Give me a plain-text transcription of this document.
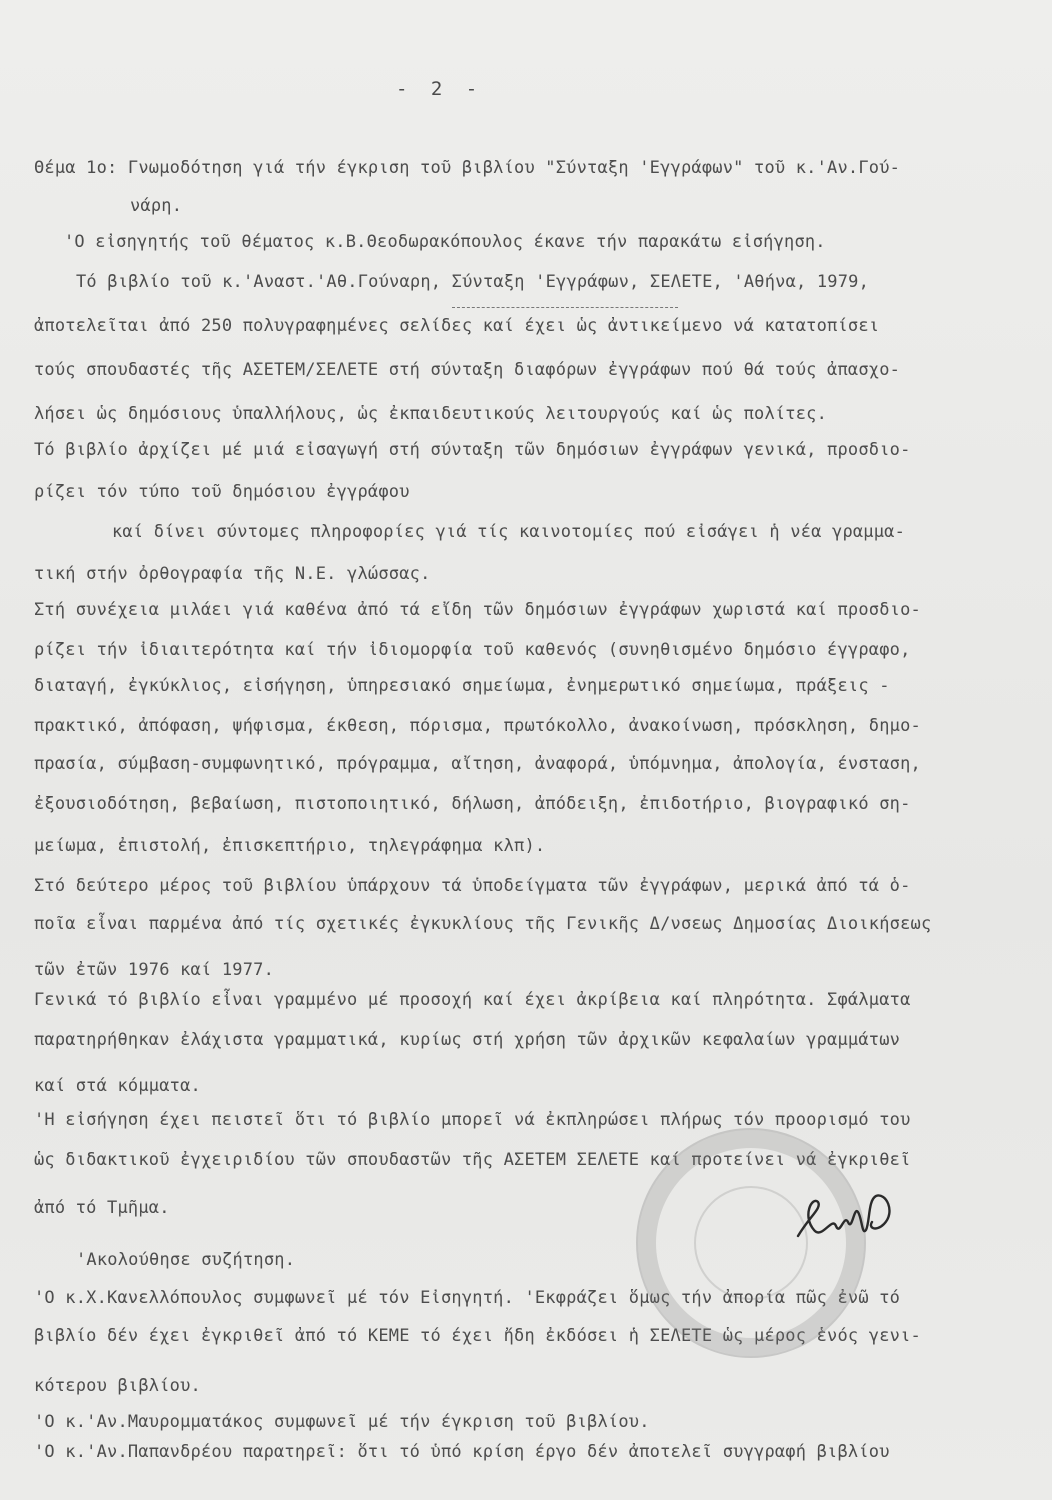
- 2 -
Θέμα 1ο: Γνωμοδότηση γιά τήν έγκριση τοῦ βιβλίου "Σύνταξη 'Εγγράφων" τοῦ κ.'Αν.Γού-
νάρη.
'Ο εἰσηγητής τοῦ θέματος κ.Β.Θεοδωρακόπουλος έκανε τήν παρακάτω εἰσήγηση.
Τό βιβλίο τοῦ κ.'Αναστ.'Αθ.Γούναρη, Σύνταξη 'Εγγράφων, ΣΕΛΕΤΕ, 'Αθήνα, 1979,
ἀποτελεῖται ἀπό 250 πολυγραφημένες σελίδες καί έχει ὡς ἀντικείμενο νά κατατοπίσει
τούς σπουδαστές τῆς ΑΣΕΤΕΜ/ΣΕΛΕΤΕ στή σύνταξη διαφόρων ἐγγράφων πού θά τούς ἀπασχο-
λήσει ὡς δημόσιους ὑπαλλήλους, ὡς ἐκπαιδευτικούς λειτουργούς καί ὡς πολίτες.
Τό βιβλίο ἀρχίζει μέ μιά εἰσαγωγή στή σύνταξη τῶν δημόσιων ἐγγράφων γενικά, προσδιο-
ρίζει τόν τύπο τοῦ δημόσιου ἐγγράφου
καί δίνει σύντομες πληροφορίες γιά τίς καινοτομίες πού εἰσάγει ἡ νέα γραμμα-
τική στήν ὀρθογραφία τῆς Ν.Ε. γλώσσας.
Στή συνέχεια μιλάει γιά καθένα ἀπό τά εἴδη τῶν δημόσιων ἐγγράφων χωριστά καί προσδιο-
ρίζει τήν ἰδιαιτερότητα καί τήν ἰδιομορφία τοῦ καθενός (συνηθισμένο δημόσιο έγγραφο,
διαταγή, ἐγκύκλιος, εἰσήγηση, ὑπηρεσιακό σημείωμα, ἐνημερωτικό σημείωμα, πράξεις -
πρακτικό, ἀπόφαση, ψήφισμα, έκθεση, πόρισμα, πρωτόκολλο, ἀνακοίνωση, πρόσκληση, δημο-
πρασία, σύμβαση-συμφωνητικό, πρόγραμμα, αἴτηση, ἀναφορά, ὑπόμνημα, ἀπολογία, ένσταση,
ἐξουσιοδότηση, βεβαίωση, πιστοποιητικό, δήλωση, ἀπόδειξη, ἐπιδοτήριο, βιογραφικό ση-
μείωμα, ἐπιστολή, ἐπισκεπτήριο, τηλεγράφημα κλπ).
Στό δεύτερο μέρος τοῦ βιβλίου ὑπάρχουν τά ὑποδείγματα τῶν ἐγγράφων, μερικά ἀπό τά ὁ-
ποῖα εἶναι παρμένα ἀπό τίς σχετικές ἐγκυκλίους τῆς Γενικῆς Δ/νσεως Δημοσίας Διοικήσεως
τῶν ἐτῶν 1976 καί 1977.
Γενικά τό βιβλίο εἶναι γραμμένο μέ προσοχή καί έχει ἀκρίβεια καί πληρότητα. Σφάλματα
παρατηρήθηκαν ἐλάχιστα γραμματικά, κυρίως στή χρήση τῶν ἀρχικῶν κεφαλαίων γραμμάτων
καί στά κόμματα.
'Η εἰσήγηση έχει πειστεῖ ὅτι τό βιβλίο μπορεῖ νά ἐκπληρώσει πλήρως τόν προορισμό του
ὡς διδακτικοῦ ἐγχειριδίου τῶν σπουδαστῶν τῆς ΑΣΕΤΕΜ ΣΕΛΕΤΕ καί προτείνει νά ἐγκριθεῖ
ἀπό τό Τμῆμα.
'Ακολούθησε συζήτηση.
'Ο κ.Χ.Κανελλόπουλος συμφωνεῖ μέ τόν Εἰσηγητή. 'Εκφράζει ὅμως τήν ἀπορία πῶς ἐνῶ τό
βιβλίο δέν έχει ἐγκριθεῖ ἀπό τό ΚΕΜΕ τό έχει ἤδη ἐκδόσει ἡ ΣΕΛΕΤΕ ὡς μέρος ἑνός γενι-
κότερου βιβλίου.
'Ο κ.'Αν.Μαυρομματάκος συμφωνεῖ μέ τήν έγκριση τοῦ βιβλίου.
'Ο κ.'Αν.Παπανδρέου παρατηρεῖ: ὅτι τό ὑπό κρίση έργο δέν ἀποτελεῖ συγγραφή βιβλίου
